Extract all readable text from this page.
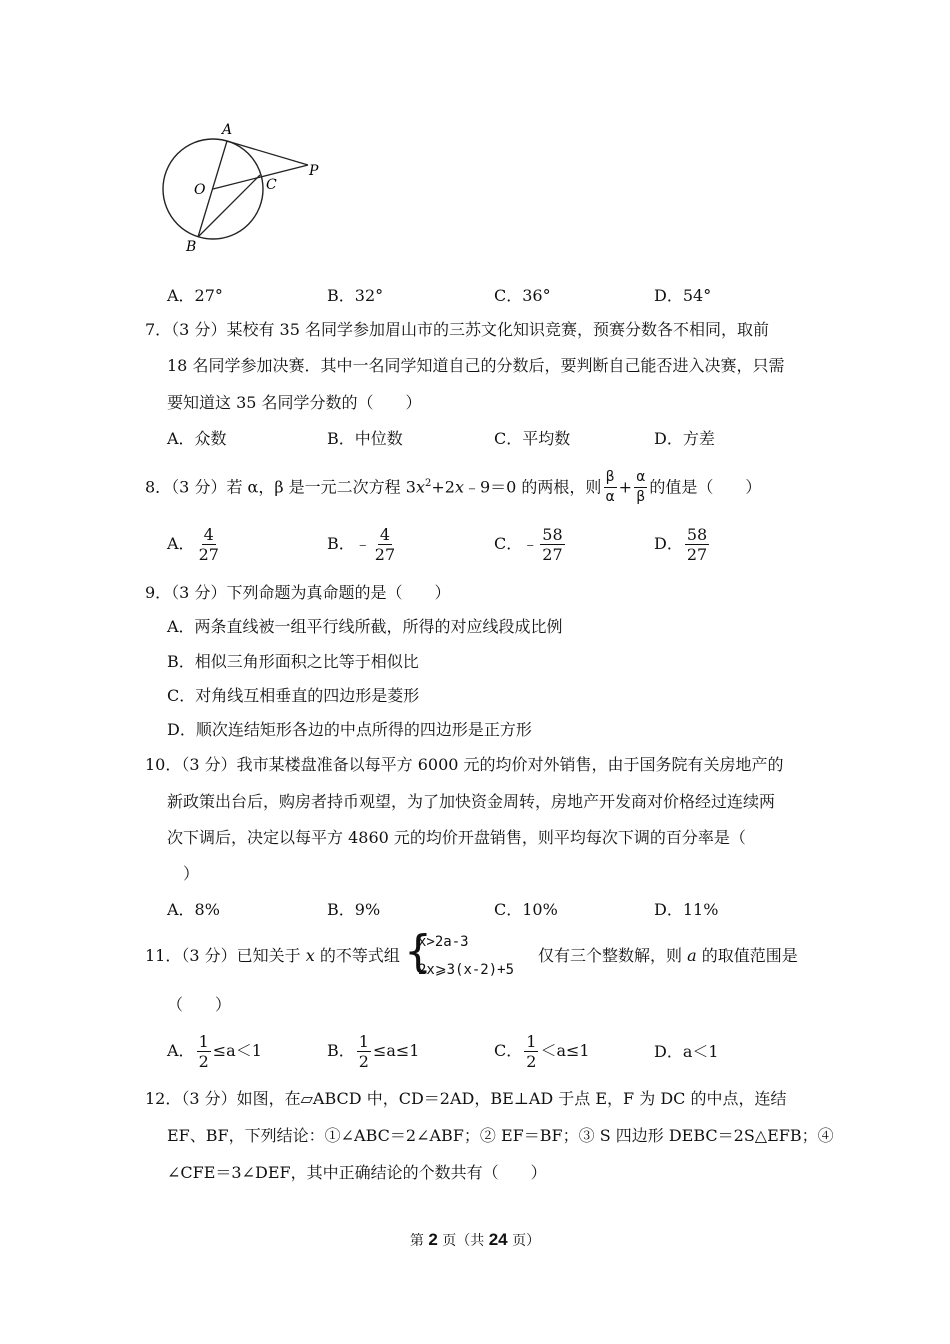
A
O	C
P
B
A．27°	B．32°	C．36°	D．54°
7．（3 分）某校有 35 名同学参加眉山市的三苏文化知识竞赛，预赛分数各不相同，取前
18 名同学参加决赛．其中一名同学知道自己的分数后，要判断自己能否进入决赛，只需
要知道这 35 名同学分数的（　　）
A．众数	B．中位数	C．平均数	D．方差
8．（3 分）若 α，β 是一元二次方程 $3x^2+2x﹣9=0$ 的两根，则 $\frac{\beta}{\alpha} + \frac{\alpha}{\beta}$ 的值是（　　）
A． $\frac{4}{27}$	B．﹣ $\frac{4}{27}$	C．﹣ $\frac{58}{27}$	D． $\frac{58}{27}$
9．（3 分）下列命题为真命题的是（　　）
A．两条直线被一组平行线所截，所得的对应线段成比例
B．相似三角形面积之比等于相似比
C．对角线互相垂直的四边形是菱形
D．顺次连结矩形各边的中点所得的四边形是正方形
10．（3 分）我市某楼盘准备以每平方 6000 元的均价对外销售，由于国务院有关房地产的
新政策出台后，购房者持币观望，为了加快资金周转，房地产开发商对价格经过连续两
次下调后，决定以每平方 4860 元的均价开盘销售，则平均每次下调的百分率是（
）
A．8%	B．9%	C．10%	D．11%
11．（3 分）已知关于 x 的不等式组 {
x>2a-3
2x⩾3(x-2)+5
仅有三个整数解，则 a 的取值范围是
（　　）
A． $\frac{1}{2} \le a<1$	B． $\frac{1}{2} \le a\le 1$	C． $\frac{1}{2} <a\le 1$	D．a＜1
12．（3 分）如图，在▱ABCD 中，CD＝2AD，BE⊥AD 于点 E，F 为 DC 的中点，连结
EF、BF，下列结论：①∠ABC＝2∠ABF；② EF＝BF；③ S 四边形 DEBC＝2S△EFB；④
∠CFE＝3∠DEF，其中正确结论的个数共有（　　）
第 2 页（共 24 页）
